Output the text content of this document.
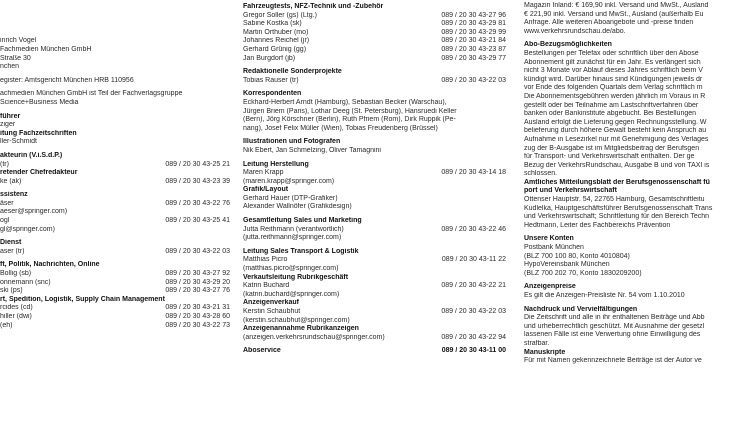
inrich Vogel
Fachmedien München GmbH
Straße 30
nchen
egister: Amtsgericht München HRB 110956
achmedien München GmbH ist Teil der Fachverlagsgruppe
Science+Business Media
führer
ziger
itung Fachzeitschriften
ller-Schmidt
akteurin (V.i.S.d.P.)
(tr)	089 / 20 30 43-25 21
retender Chefredakteur
ke (ak)	089 / 20 30 43-23 39
ssistenz
äser	089 / 20 30 43-22 76
aeser@springer.com)
ogl	089 / 20 30 43-25 41
gl@springer.com)
Dienst
aser (tr)	089 / 20 30 43-22 03
ft, Politik, Nachrichten, Online
Bollig (sb)	089 / 20 30 43-27 92
onnemann (snc)	089 / 20 30 43-29 20
ski (ps)	089 / 20 30 43-27 76
rt, Spedition, Logistik, Supply Chain Management
rcides (cd)	089 / 20 30 43-21 31
hiller (dwi)	089 / 20 30 43-28 60
(eh)	089 / 20 30 43-22 73
Fahrzeugtests, NFZ-Technik und -Zubehör
Gregor Soller (gs) (Ltg.)	089 / 20 30 43-27 96
Sabine Kostka (sk)	089 / 20 30 43-29 81
Martin Orthuber (mo)	089 / 20 30 43-29 99
Johannes Reichel (jr)	089 / 20 30 43-21 84
Gerhard Grünig (gg)	089 / 20 30 43-23 87
Jan Burgdorf (jb)	089 / 20 30 43-29 77
Redaktionelle Sonderprojekte
Tobias Rauser (tr)	089 / 20 30 43-22 03
Korrespondenten
Eckhard-Herbert Arndt (Hamburg), Sebastian Becker (Warschau),
Jürgen Briem (Paris), Lothar Deeg (St. Petersburg), Hansruedi Keller
(Bern), Jörg Körschner (Berlin), Ruth Pfriem (Rom), Dirk Ruppik (Pe-
nang), Josef Felix Müller (Wien), Tobias Freudenberg (Brüssel)
Illustrationen und Fotografen
Nik Ebert, Jan Schmelzing, Oliver Tamagnini
Leitung Herstellung
Maren Krapp	089 / 20 30 43-14 18
(maren.krapp@springer.com)
Grafik/Layout
Gerhard Hauer (DTP-Grafiker)
Alexander Wallnöfer (Grafikdesign)
Gesamtleitung Sales und Marketing
Jutta Reithmann (verantwortlich)	089 / 20 30 43-22 46
(jutta.reithmann@springer.com)
Leitung Sales Transport & Logistik
Matthias Picro	089 / 20 30 43-11 22
(matthias.picro@springer.com)
Verkaufsleitung Rubrikgeschäft
Katrin Buchard	089 / 20 30 43-22 21
(katrin.buchard@springer.com)
Anzeigenverkauf
Kerstin Schaubhut	089 / 20 30 43-22 03
(kerstin.schaubhut@springer.com)
Anzeigenannahme Rubrikanzeigen
(anzeigen.verkehrsrundschau@springer.com)	089 / 20 30 43-22 94
Aboservice	089 / 20 30 43-11 00
Magazin Inland: € 169,90 inkl. Versand und MwSt., Ausland
€ 221,90 inkl. Versand und MwSt., Ausland (außerhalb Eu
Anfrage. Alle weiteren Aboangebote und -preise finden
www.verkehrsrundschau.de/abo.
Abo-Bezugsmöglichkeiten
Bestellungen per Telefax oder schriftlich über den Abose
Abonnement gilt zunächst für ein Jahr. Es verlängert sich
nicht 3 Monate vor Ablauf dieses Jahres schriftlich beim V
kündigt wird. Darüber hinaus sind Kündigungen jeweils dr
vor Ende des folgenden Quartals dem Verlag schriftlich m
Die Abonnementsgebühren werden jährlich im Voraus in R
gestellt oder bei Teilnahme am Lastschriftverfahren über
banken oder Bankinstitute abgebucht. Bei Bestellungen
Ausland erfolgt die Lieferung gegen Rechnungsstellung. W
belieferung durch höhere Gewalt besteht kein Anspruch au
Aufnahme in Lesezirkel nur mit Genehmigung des Verlages
zug der B-Ausgabe ist im Mitgliedsbeitrag der Berufsgen
für Transport- und Verkehrswirtschaft enthalten. Der ge
Bezug der VerkehrsRundschau, Ausgabe B und von TAXI is
schlossen.
Amtliches Mitteilungsblatt der Berufsgenossenschaft fü
port und Verkehrswirtschaft
Ottenser Hauptstr. 54, 22765 Hamburg, Gesamtschriftleitu
Kudlelka, Hauptgeschäftsführer Berufsgenossenschaft Trans
und Verkehrswirtschaft; Schriftleitung für den Bereich Techn
Hedtmann, Leiter des Fachbereichs Prävention
Unsere Konten
Postbank München
(BLZ 700 100 80, Konto 4010804)
HypoVereinsbank München
(BLZ 700 202 70, Konto 1830209200)
Anzeigenpreise
Es gilt die Anzeigen-Preisliste Nr. 54 vom 1.10.2010
Nachdruck und Vervielfältigungen
Die Zeitschrift und alle in ihr enthaltenen Beiträge und Abb
und urheberrechtlich geschützt. Mit Ausnahme der gesetzl
lassenen Fälle ist eine Verwertung ohne Einwilligung des
strafbar.
Manuskripte
Für mit Namen gekennzeichnete Beiträge ist der Autor ve
